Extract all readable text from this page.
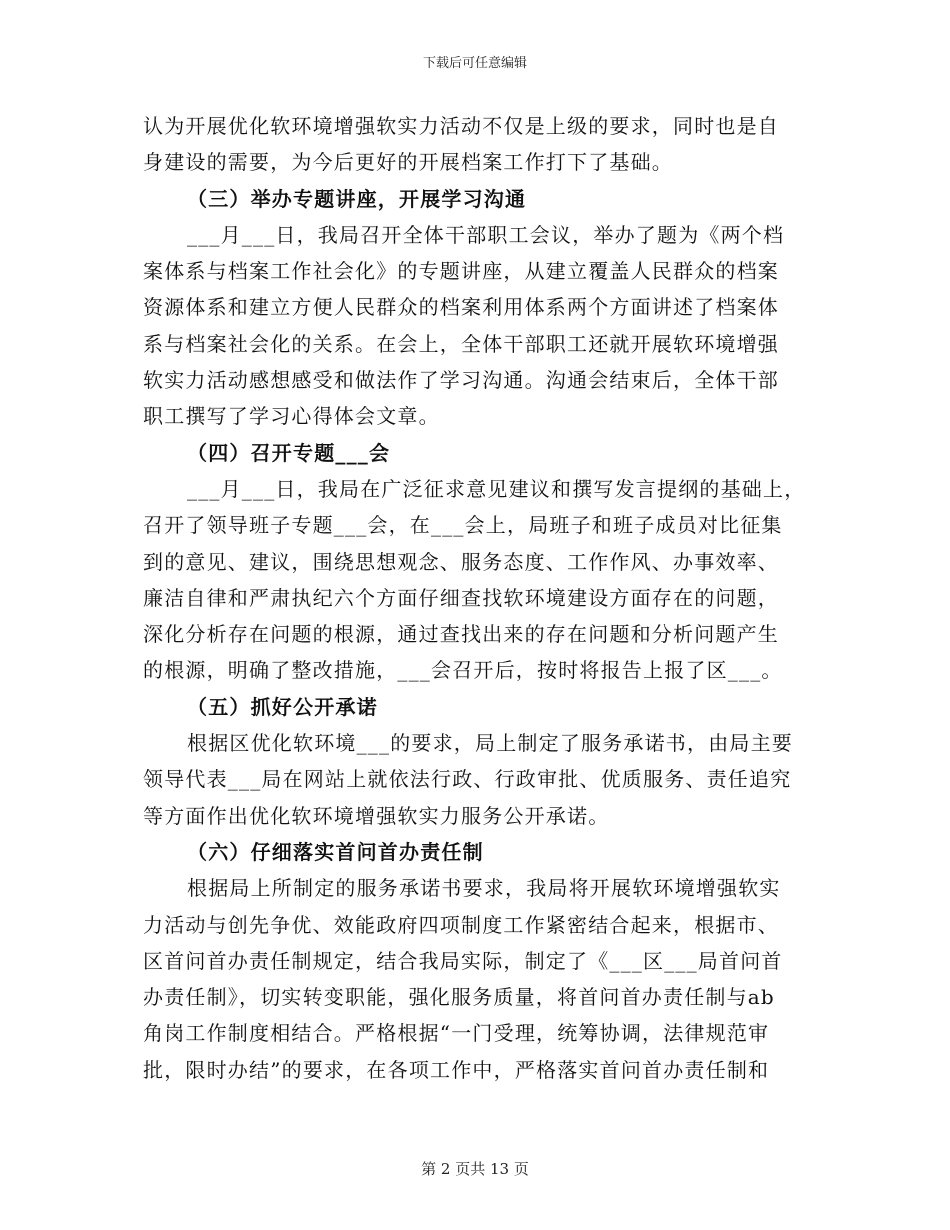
下载后可任意编辑
认为开展优化软环境增强软实力活动不仅是上级的要求，同时也是自
身建设的需要，为今后更好的开展档案工作打下了基础。
（三）举办专题讲座，开展学习沟通
___月___日，我局召开全体干部职工会议，举办了题为《两个档
案体系与档案工作社会化》的专题讲座，从建立覆盖人民群众的档案
资源体系和建立方便人民群众的档案利用体系两个方面讲述了档案体
系与档案社会化的关系。在会上，全体干部职工还就开展软环境增强
软实力活动感想感受和做法作了学习沟通。沟通会结束后，全体干部
职工撰写了学习心得体会文章。
（四）召开专题___会
___月___日，我局在广泛征求意见建议和撰写发言提纲的基础上，
召开了领导班子专题___会，在___会上，局班子和班子成员对比征集
到的意见、建议，围绕思想观念、服务态度、工作作风、办事效率、
廉洁自律和严肃执纪六个方面仔细查找软环境建设方面存在的问题，
深化分析存在问题的根源，通过查找出来的存在问题和分析问题产生
的根源，明确了整改措施，___会召开后，按时将报告上报了区___。
（五）抓好公开承诺
根据区优化软环境___的要求，局上制定了服务承诺书，由局主要
领导代表___局在网站上就依法行政、行政审批、优质服务、责任追究
等方面作出优化软环境增强软实力服务公开承诺。
（六）仔细落实首问首办责任制
根据局上所制定的服务承诺书要求，我局将开展软环境增强软实
力活动与创先争优、效能政府四项制度工作紧密结合起来，根据市、
区首问首办责任制规定，结合我局实际，制定了《___区___局首问首
办责任制》，切实转变职能，强化服务质量，将首问首办责任制与ab
角岗工作制度相结合。严格根据“一门受理，统筹协调，法律规范审
批，限时办结”的要求，在各项工作中，严格落实首问首办责任制和
第 2 页共 13 页
